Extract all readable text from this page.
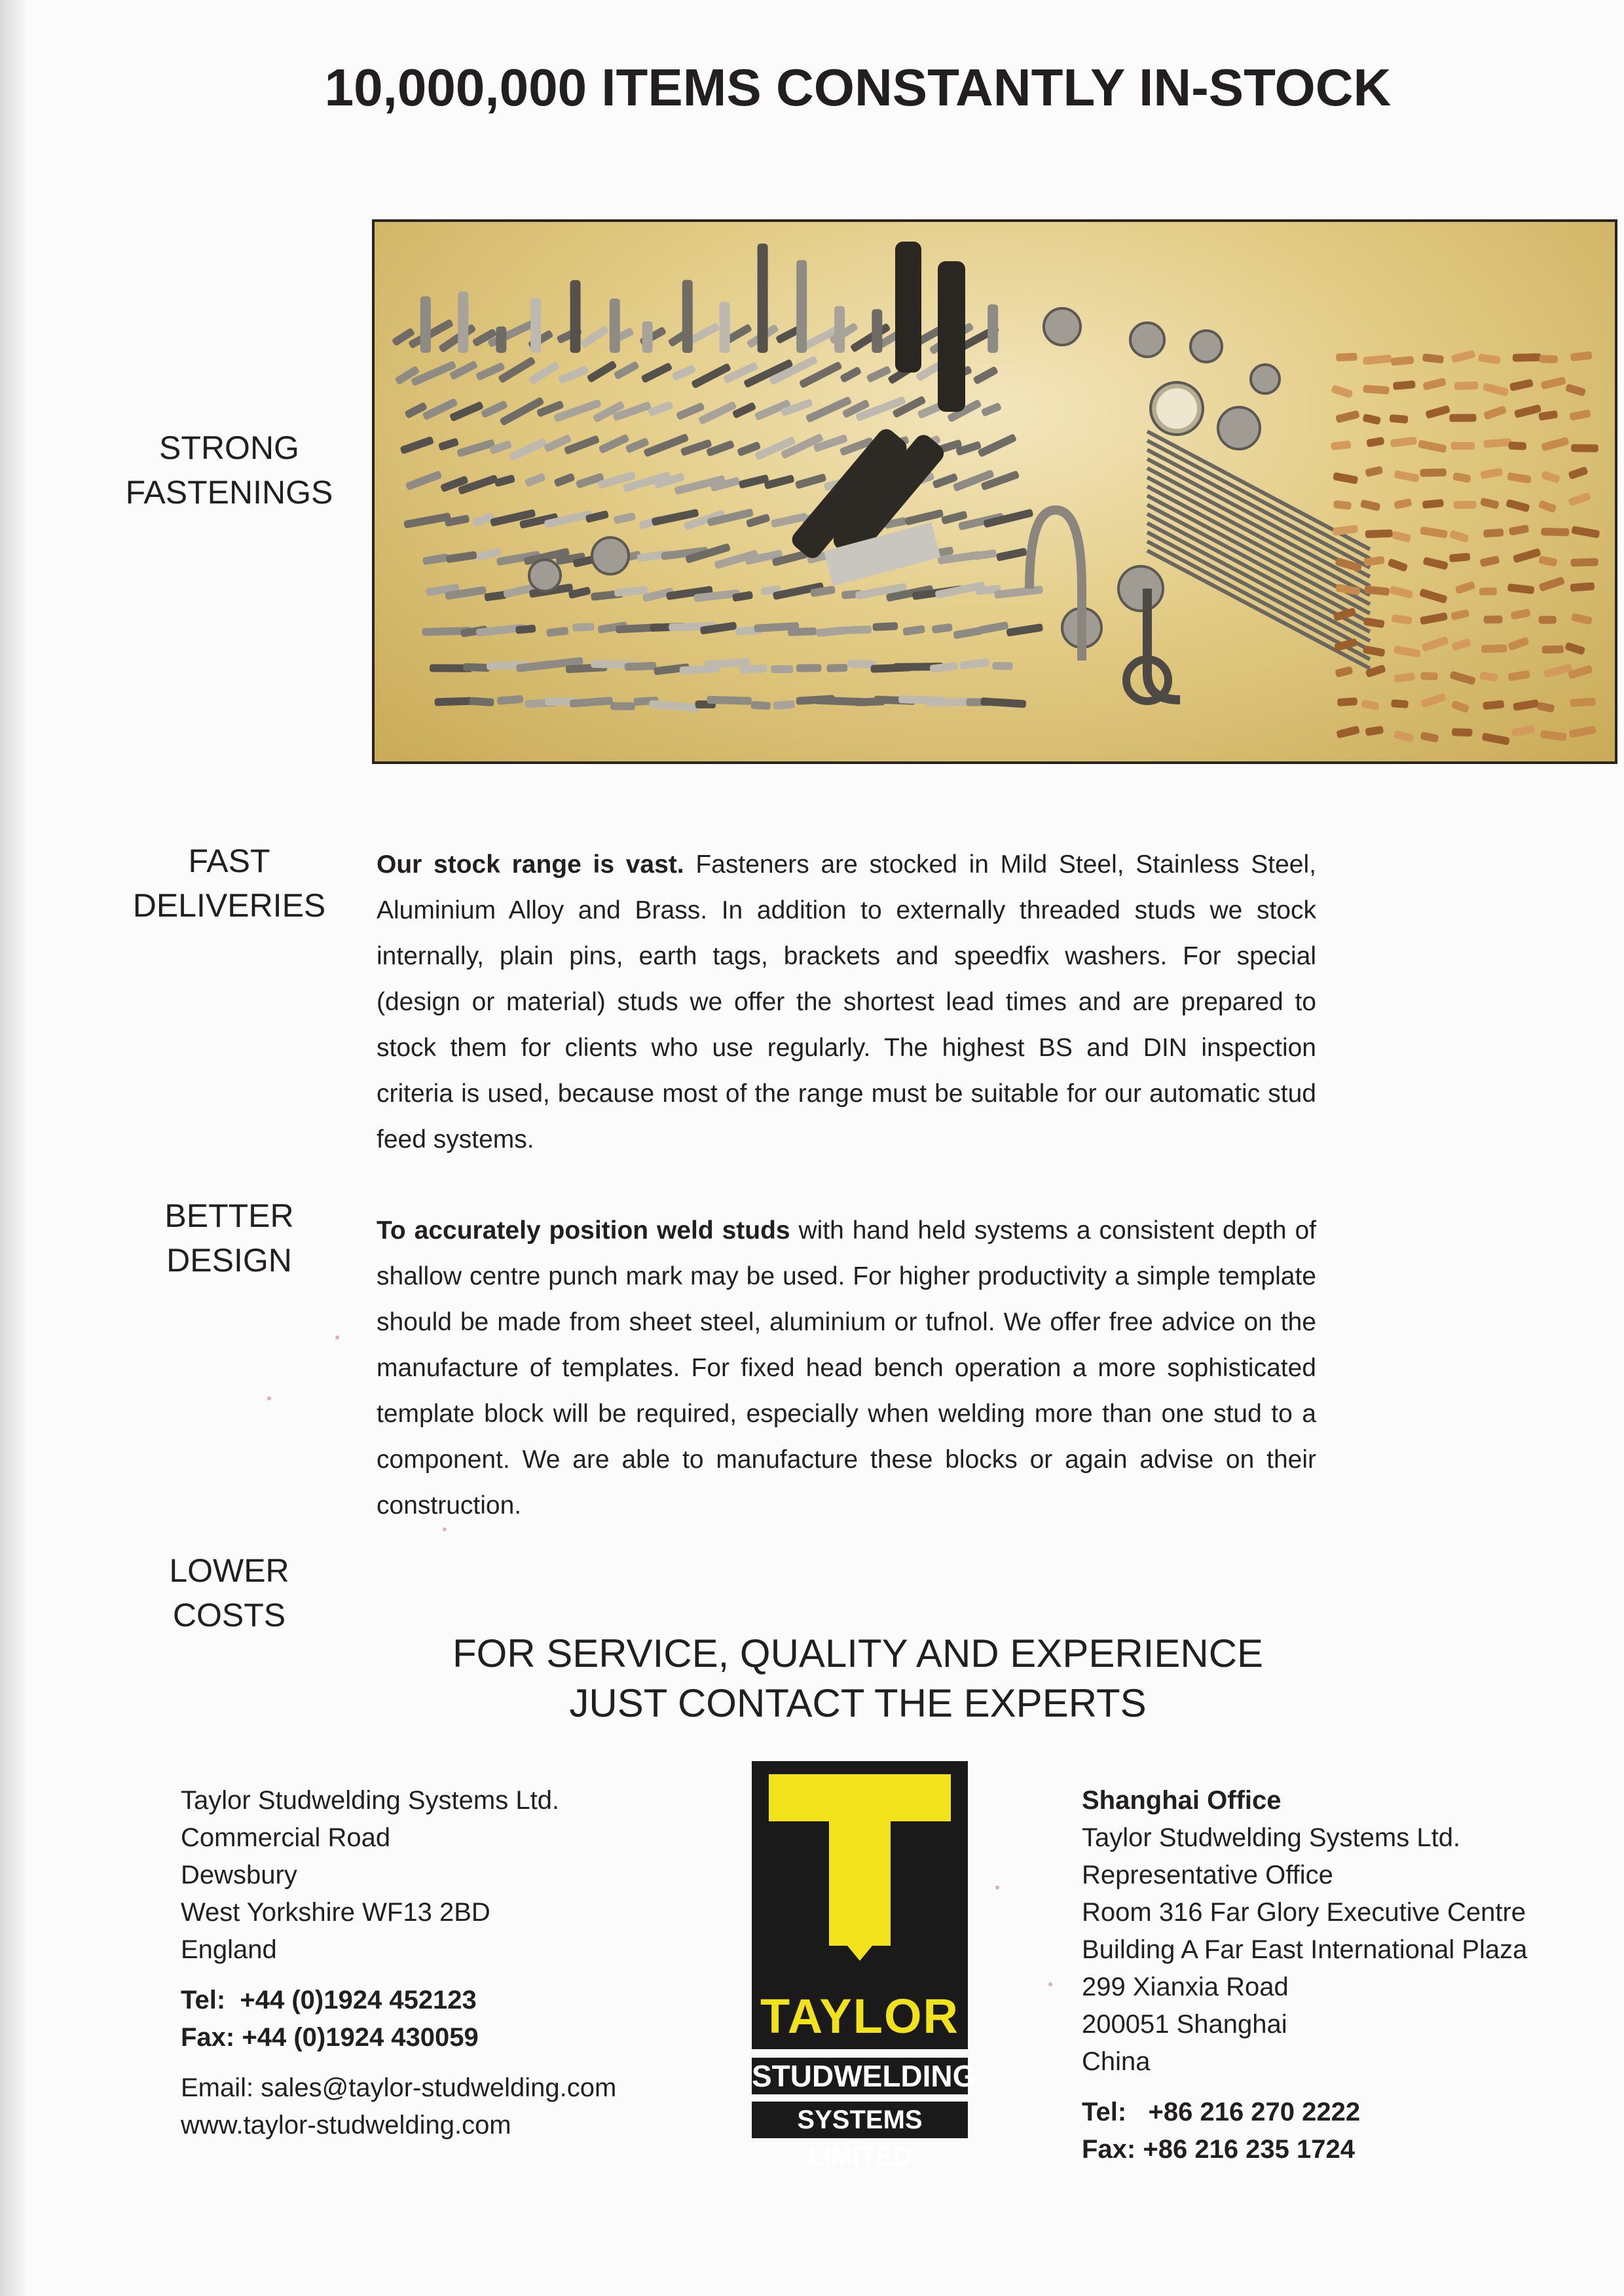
10,000,000 ITEMS CONSTANTLY IN-STOCK
STRONG
FASTENINGS
FAST
DELIVERIES
BETTER
DESIGN
LOWER
COSTS
Our stock range is vast. Fasteners are stocked in Mild Steel, Stainless Steel, Aluminium Alloy and Brass. In addition to externally threaded studs we stock internally, plain pins, earth tags, brackets and speedfix washers. For special (design or material) studs we offer the shortest lead times and are prepared to stock them for clients who use regularly. The highest BS and DIN inspection criteria is used, because most of the range must be suitable for our automatic stud feed systems.
To accurately position weld studs with hand held systems a consistent depth of shallow centre punch mark may be used. For higher productivity a simple template should be made from sheet steel, aluminium or tufnol. We offer free advice on the manufacture of templates. For fixed head bench operation a more sophisticated template block will be required, especially when welding more than one stud to a component. We are able to manufacture these blocks or again advise on their construction.
FOR SERVICE, QUALITY AND EXPERIENCE
JUST CONTACT THE EXPERTS
Taylor Studwelding Systems Ltd.
Commercial Road
Dewsbury
West Yorkshire WF13 2BD
England
Tel:  +44 (0)1924 452123
Fax: +44 (0)1924 430059
Email: sales@taylor-studwelding.com
www.taylor-studwelding.com
TAYLOR
STUDWELDING
SYSTEMS LIMITED
Shanghai Office
Taylor Studwelding Systems Ltd.
Representative Office
Room 316 Far Glory Executive Centre
Building A Far East International Plaza
299 Xianxia Road
200051 Shanghai
China
Tel:   +86 216 270 2222
Fax: +86 216 235 1724
